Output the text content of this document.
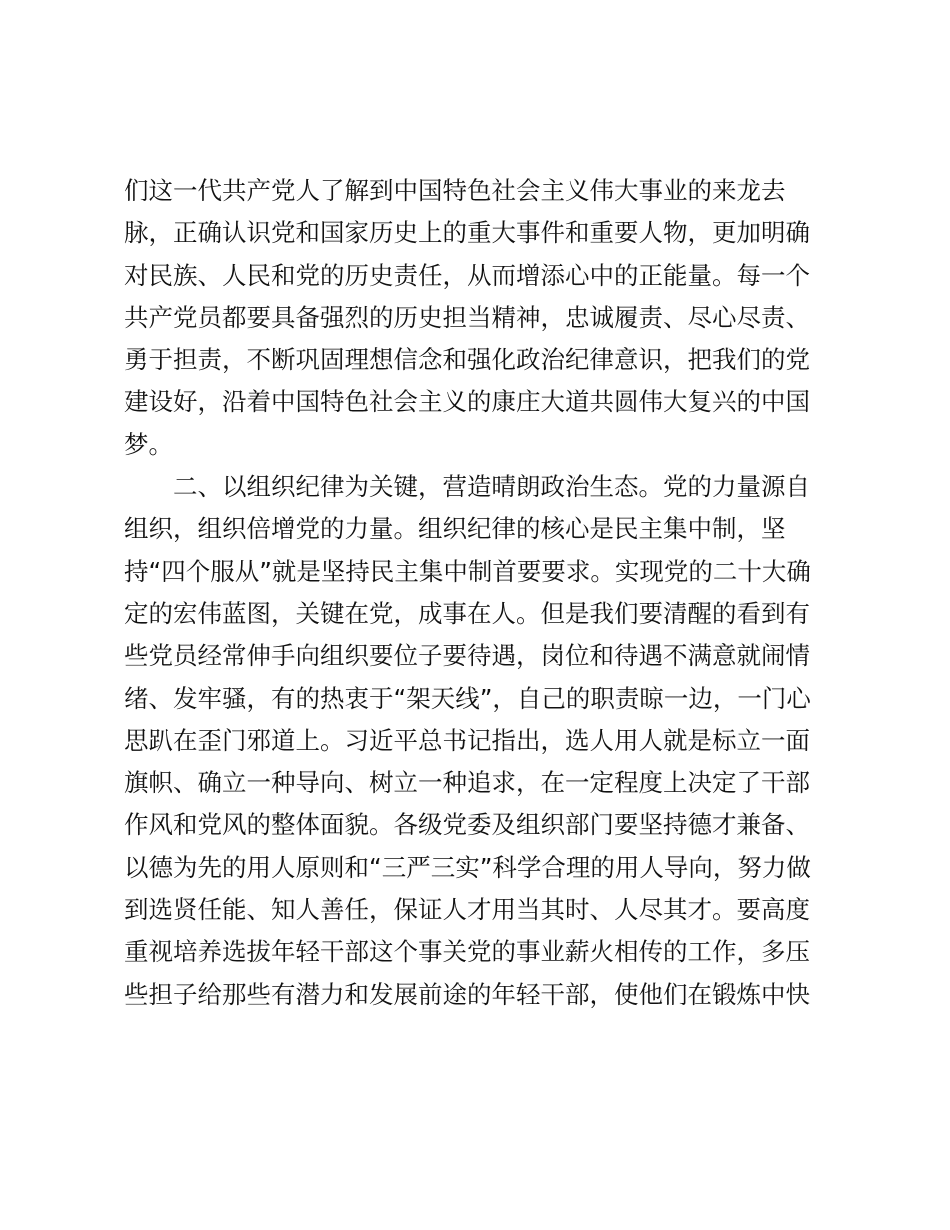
们这一代共产党人了解到中国特色社会主义伟大事业的来龙去
脉，正确认识党和国家历史上的重大事件和重要人物，更加明确
对民族、人民和党的历史责任，从而增添心中的正能量。每一个
共产党员都要具备强烈的历史担当精神，忠诚履责、尽心尽责、
勇于担责，不断巩固理想信念和强化政治纪律意识，把我们的党
建设好，沿着中国特色社会主义的康庄大道共圆伟大复兴的中国
梦。
二、以组织纪律为关键，营造晴朗政治生态。党的力量源自
组织，组织倍增党的力量。组织纪律的核心是民主集中制，坚
持“四个服从”就是坚持民主集中制首要要求。实现党的二十大确
定的宏伟蓝图，关键在党，成事在人。但是我们要清醒的看到有
些党员经常伸手向组织要位子要待遇，岗位和待遇不满意就闹情
绪、发牢骚，有的热衷于“架天线”，自己的职责晾一边，一门心
思趴在歪门邪道上。习近平总书记指出，选人用人就是标立一面
旗帜、确立一种导向、树立一种追求，在一定程度上决定了干部
作风和党风的整体面貌。各级党委及组织部门要坚持德才兼备、
以德为先的用人原则和“三严三实”科学合理的用人导向，努力做
到选贤任能、知人善任，保证人才用当其时、人尽其才。要高度
重视培养选拔年轻干部这个事关党的事业薪火相传的工作，多压
些担子给那些有潜力和发展前途的年轻干部，使他们在锻炼中快
